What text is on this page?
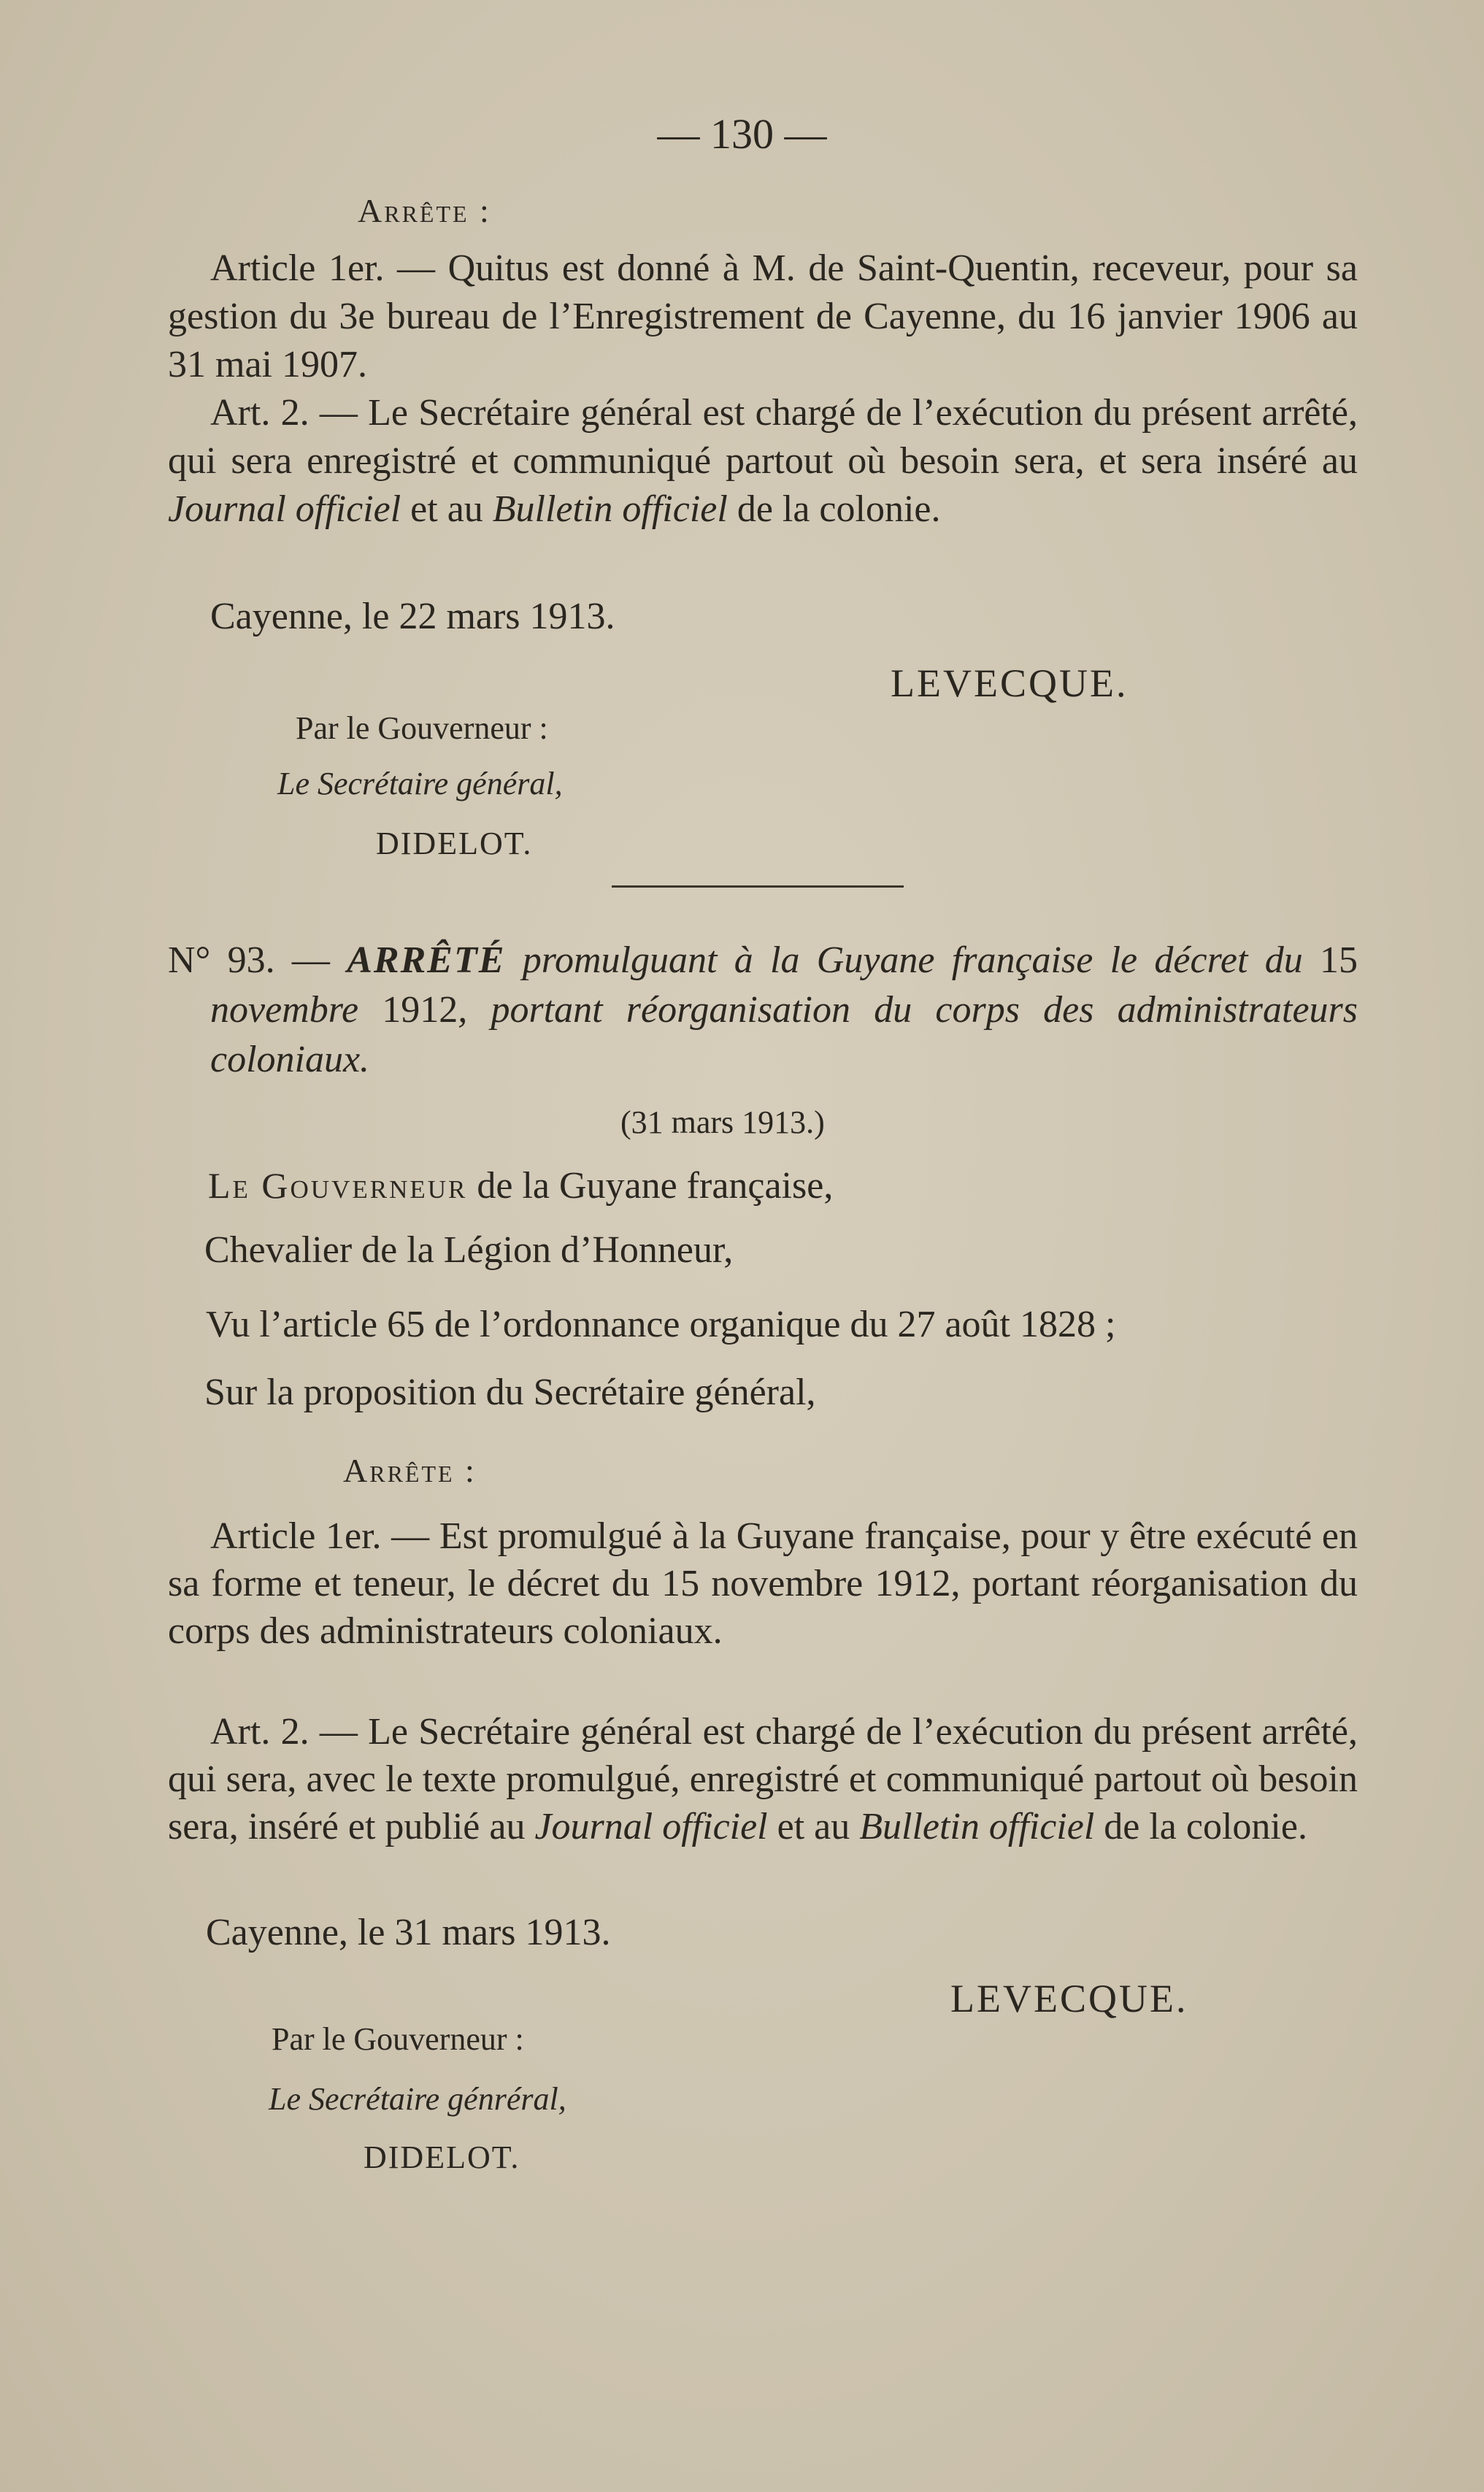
— 130 —
Arrête :
Article 1er. — Quitus est donné à M. de Saint-Quentin, receveur, pour sa gestion du 3e bureau de l’Enregistrement de Cayenne, du 16 janvier 1906 au 31 mai 1907.
Art. 2. — Le Secrétaire général est chargé de l’exécution du présent arrêté, qui sera enregistré et communiqué partout où besoin sera, et sera inséré au Journal officiel et au Bulletin officiel de la colonie.
Cayenne, le 22 mars 1913.
LEVECQUE.
Par le Gouverneur :
Le Secrétaire général,
DIDELOT.
N° 93. — ARRÊTÉ promulguant à la Guyane française le décret du 15 novembre 1912, portant réorganisation du corps des administrateurs coloniaux.
(31 mars 1913.)
Le Gouverneur de la Guyane française,
Chevalier de la Légion d’Honneur,
Vu l’article 65 de l’ordonnance organique du 27 août 1828 ;
Sur la proposition du Secrétaire général,
Arrête :
Article 1er. — Est promulgué à la Guyane française, pour y être exécuté en sa forme et teneur, le décret du 15 novembre 1912, portant réorganisation du corps des administrateurs coloniaux.
Art. 2. — Le Secrétaire général est chargé de l’exécution du présent arrêté, qui sera, avec le texte promulgué, enregistré et communiqué partout où besoin sera, inséré et publié au Journal officiel et au Bulletin officiel de la colonie.
Cayenne, le 31 mars 1913.
LEVECQUE.
Par le Gouverneur :
Le Secrétaire génréral,
DIDELOT.
